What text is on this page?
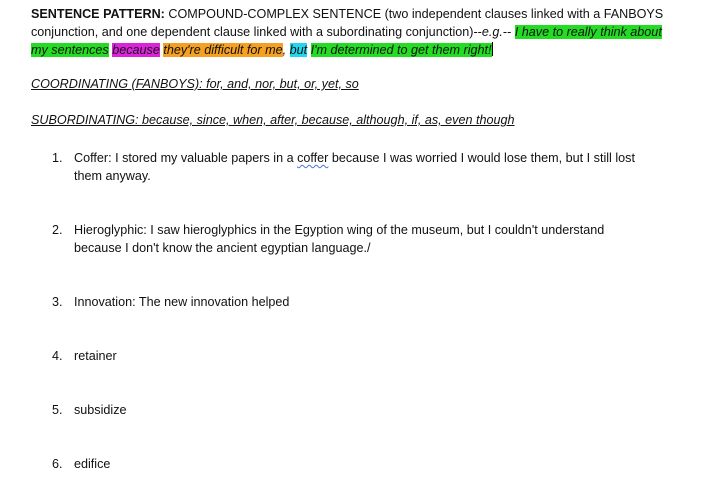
SENTENCE PATTERN: COMPOUND-COMPLEX SENTENCE (two independent clauses linked with a FANBOYS conjunction, and one dependent clause linked with a subordinating conjunction)--e.g.-- I have to really think about my sentences because they're difficult for me, but I'm determined to get them right!
COORDINATING (FANBOYS): for, and, nor, but, or, yet, so
SUBORDINATING: because, since, when, after, because, although, if, as, even though
1. Coffer: I stored my valuable papers in a coffer because I was worried I would lose them, but I still lost them anyway.
2. Hieroglyphic: I saw hieroglyphics in the Egyption wing of the museum, but I couldn't understand because I don't know the ancient egyptian language./
3. Innovation: The new innovation helped
4. retainer
5. subsidize
6. edifice
